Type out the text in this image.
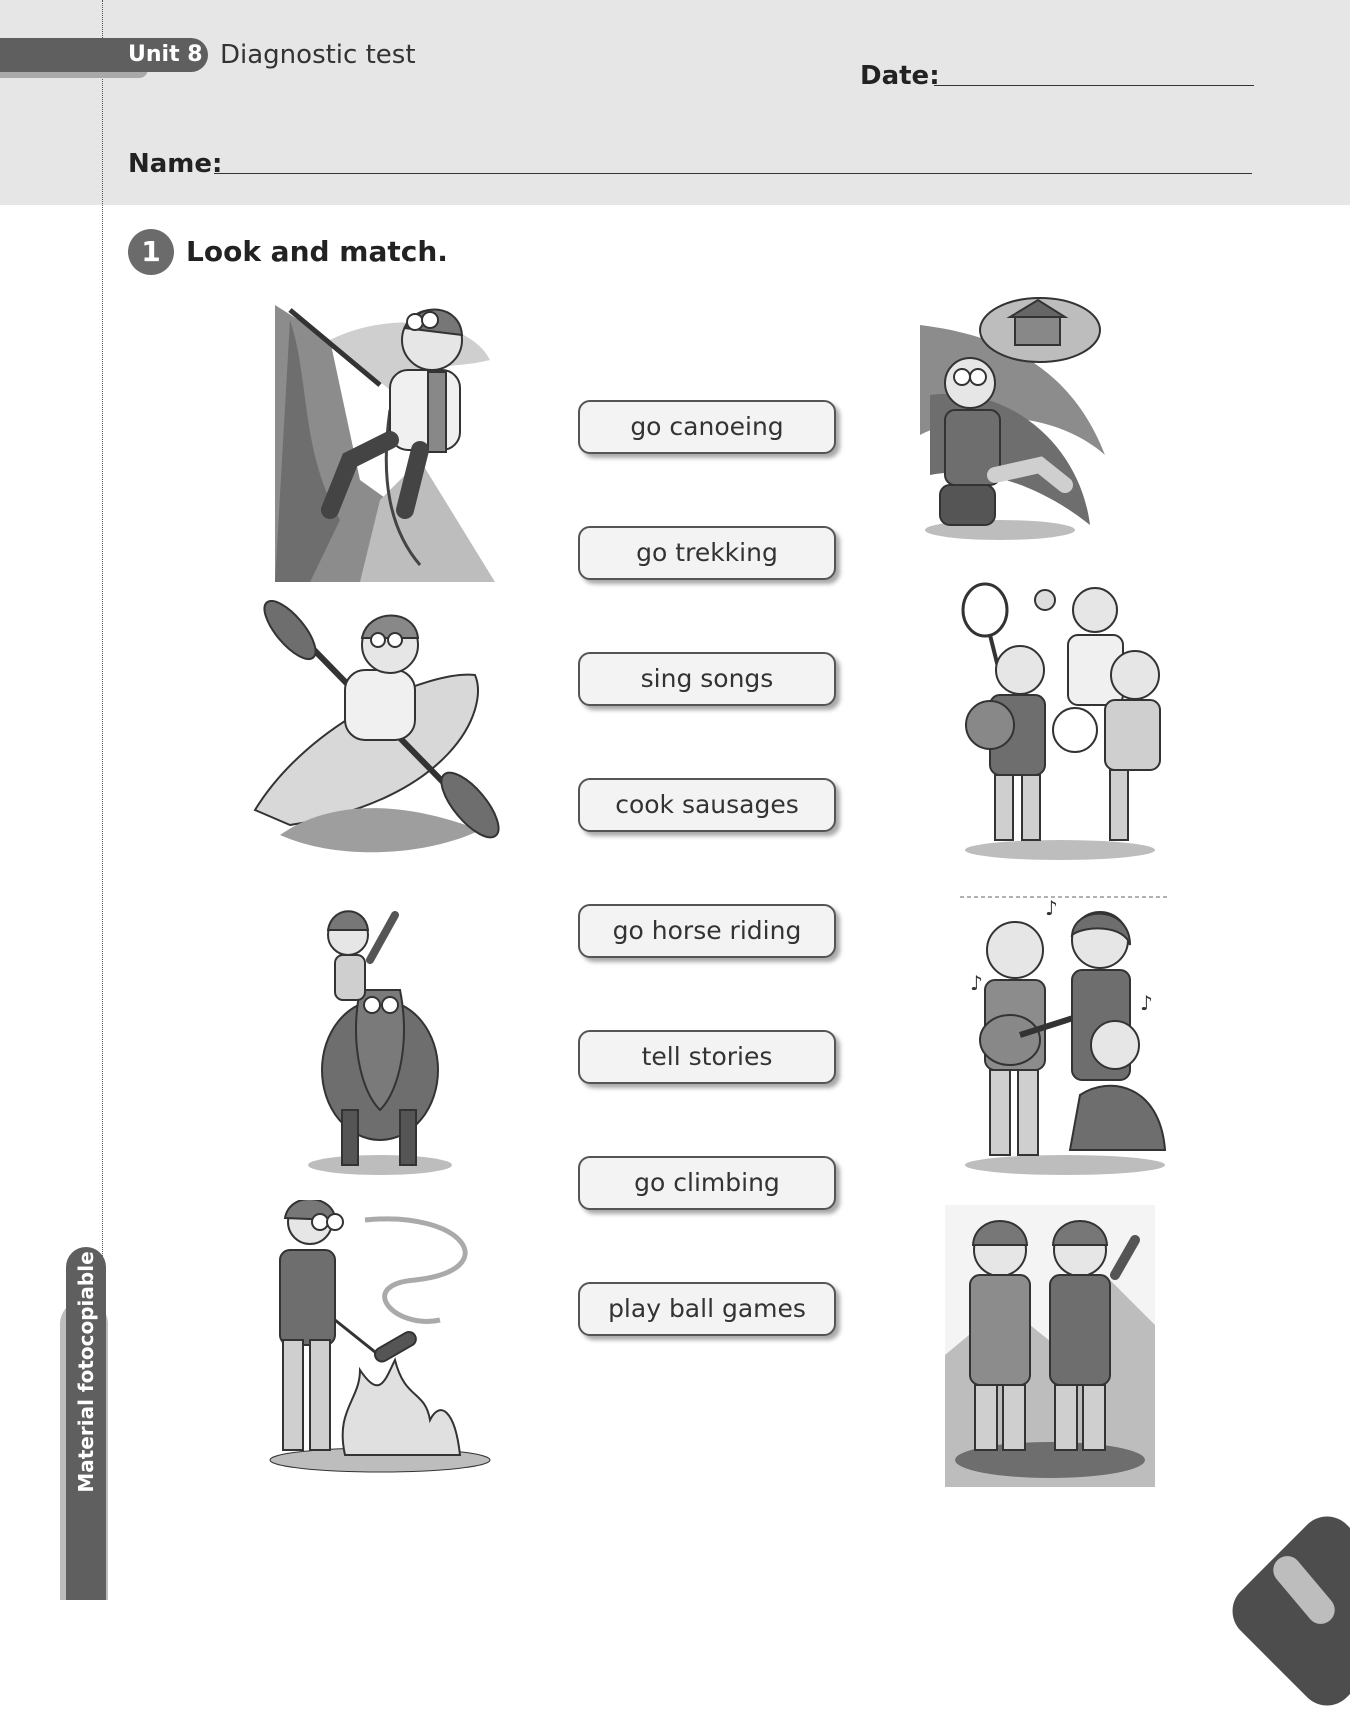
Unit 8 Diagnostic test
Date:
Name:
1 Look and match.
♪
♪
♪
go canoeing
go trekking
sing songs
cook sausages
go horse riding
tell stories
go climbing
play ball games
Material fotocopiable
269
